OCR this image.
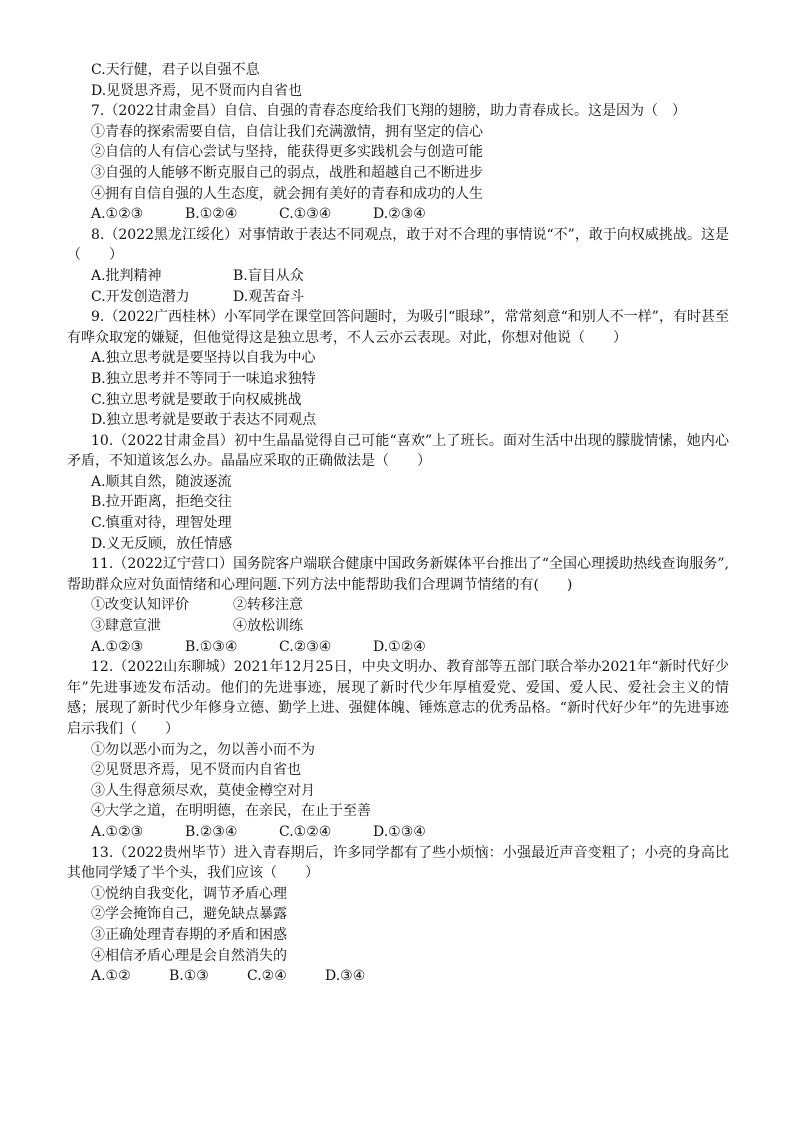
C.天行健，君子以自强不息
D.见贤思齐焉，见不贤而内自省也
7.（2022甘肃金昌）自信、自强的青春态度给我们飞翔的翅膀，助力青春成长。这是因为（　）
①青春的探索需要自信，自信让我们充满激情，拥有坚定的信心
②自信的人有信心尝试与坚持，能获得更多实践机会与创造可能
③自强的人能够不断克服自己的弱点，战胜和超越自己不断进步
④拥有自信自强的人生态度，就会拥有美好的青春和成功的人生
A.①②③	B.①②④	C.①③④	D.②③④
8.（2022黑龙江绥化）对事情敢于表达不同观点，敢于对不合理的事情说“不”，敢于向权威挑战。这是（　　）
A.批判精神	B.盲目从众
C.开发创造潜力	D.观苦奋斗
9.（2022广西桂林）小军同学在课堂回答问题时，为吸引“眼球”，常常刻意“和别人不一样”，有时甚至有哗众取宠的嫌疑，但他觉得这是独立思考，不人云亦云表现。对此，你想对他说（　　）
A.独立思考就是要坚持以自我为中心
B.独立思考并不等同于一味追求独特
C.独立思考就是要敢于向权威挑战
D.独立思考就是要敢于表达不同观点
10.（2022甘肃金昌）初中生晶晶觉得自己可能“喜欢”上了班长。面对生活中出现的朦胧情愫，她内心矛盾，不知道该怎么办。晶晶应采取的正确做法是（　　）
A.顺其自然，随波逐流
B.拉开距离，拒绝交往
C.慎重对待，理智处理
D.义无反顾，放任情感
11.（2022辽宁营口）国务院客户端联合健康中国政务新媒体平台推出了“全国心理援助热线查询服务”,帮助群众应对负面情绪和心理问题.下列方法中能帮助我们合理调节情绪的有(　　)
①改变认知评价	②转移注意
③肆意宣泄	④放松训练
A.①②③	B.①③④	C.②③④	D.①②④
12.（2022山东聊城）2021年12月25日，中央文明办、教育部等五部门联合举办2021年“新时代好少年”先进事迹发布活动。他们的先进事迹，展现了新时代少年厚植爱党、爱国、爱人民、爱社会主义的情感；展现了新时代少年修身立德、勤学上进、强健体魄、锤炼意志的优秀品格。“新时代好少年”的先进事迹启示我们（　　）
①勿以恶小而为之，勿以善小而不为
②见贤思齐焉，见不贤而内自省也
③人生得意须尽欢，莫使金樽空对月
④大学之道，在明明德，在亲民，在止于至善
A.①②③	B.②③④	C.①②④	D.①③④
13.（2022贵州毕节）进入青春期后，许多同学都有了些小烦恼：小强最近声音变粗了；小亮的身高比其他同学矮了半个头，我们应该（　　）
①悦纳自我变化，调节矛盾心理
②学会掩饰自己，避免缺点暴露
③正确处理青春期的矛盾和困惑
④相信矛盾心理是会自然消失的
A.①②	B.①③	C.②④	D.③④
